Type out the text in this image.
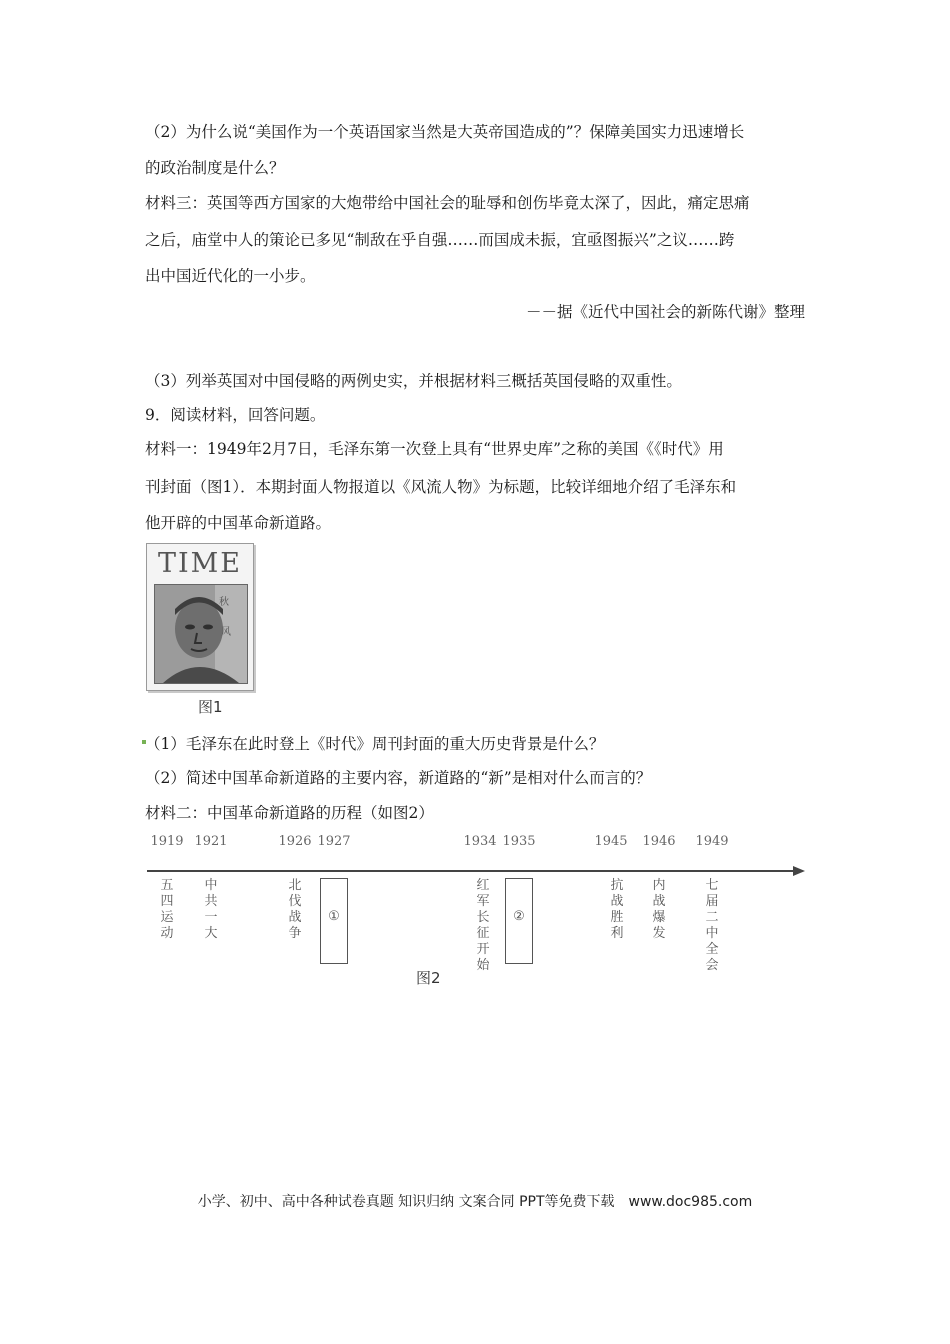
（2）为什么说“美国作为一个英语国家当然是大英帝国造成的”？保障美国实力迅速增长
的政治制度是什么？
材料三：英国等西方国家的大炮带给中国社会的耻辱和创伤毕竟太深了，因此，痛定思痛
之后，庙堂中人的策论已多见“制敌在乎自强……而国成未振，宜亟图振兴”之议……跨
出中国近代化的一小步。
－－据《近代中国社会的新陈代谢》整理
（3）列举英国对中国侵略的两例史实，并根据材料三概括英国侵略的双重性。
9．阅读材料，回答问题。
材料一：1949年2月7日，毛泽东第一次登上具有“世界史库”之称的美国《《时代》用
刊封面（图1）．本期封面人物报道以《风流人物》为标题，比较详细地介绍了毛泽东和
他开辟的中国革命新道路。
TIME
秋
风
图1
（1）毛泽东在此时登上《时代》周刊封面的重大历史背景是什么？
（2）简述中国革命新道路的主要内容，新道路的“新”是相对什么而言的？
材料二：中国革命新道路的历程（如图2）
1919 1921	1926 1927	1934 1935	1945 1946 1949
五四运动
中共一大
北伐战争
①
红军长征开始
②
抗战胜利
内战爆发
七届二中全会
图2
小学、初中、高中各种试卷真题 知识归纳 文案合同 PPT等免费下载　www.doc985.com
